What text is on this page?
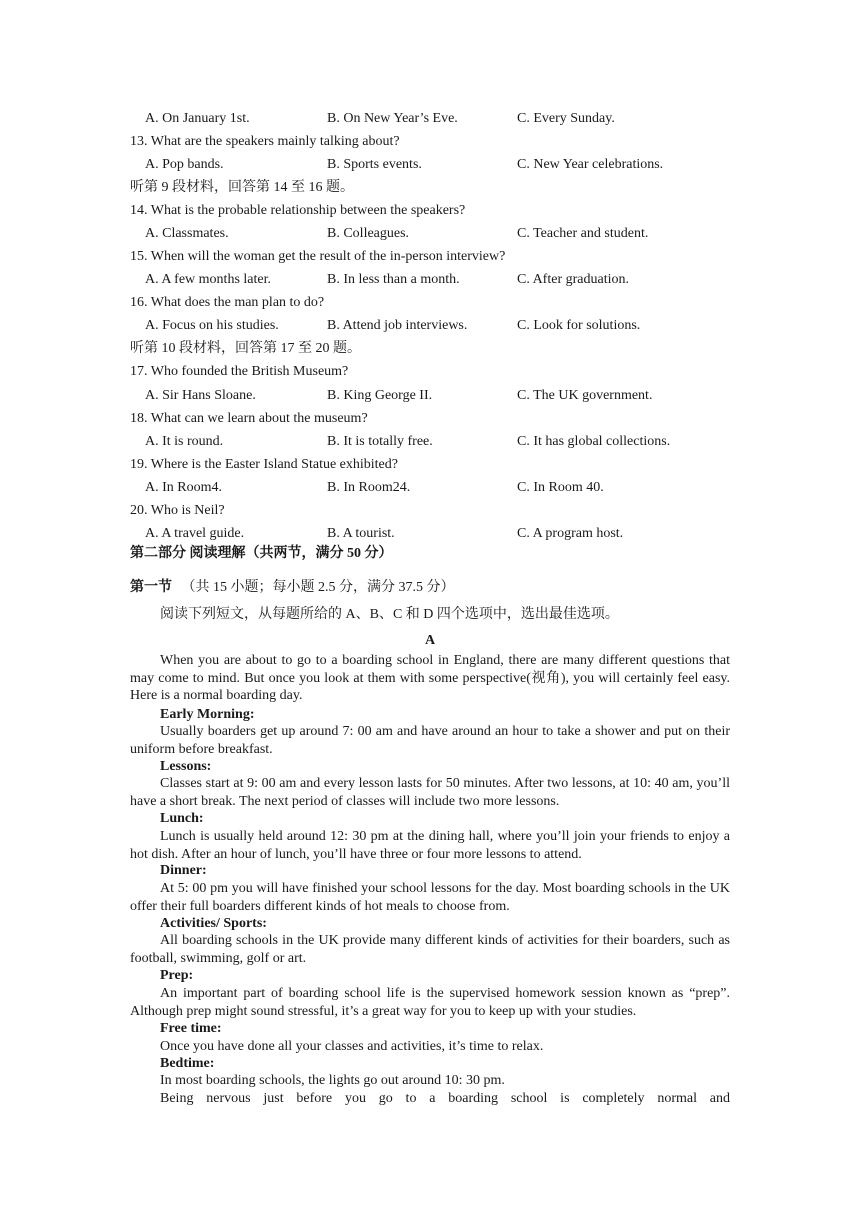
A. On January 1st.	B. On New Year’s Eve.	C. Every Sunday.
13. What are the speakers mainly talking about?
A. Pop bands.	B. Sports events.	C. New Year celebrations.
听第 9 段材料，回答第 14 至 16 题。
14. What is the probable relationship between the speakers?
A. Classmates.	B. Colleagues.	C. Teacher and student.
15. When will the woman get the result of the in-person interview?
A. A few months later.	B. In less than a month.	C. After graduation.
16. What does the man plan to do?
A. Focus on his studies.	B. Attend job interviews.	C. Look for solutions.
听第 10 段材料，回答第 17 至 20 题。
17. Who founded the British Museum?
A. Sir Hans Sloane.	B. King George II.	C. The UK government.
18. What can we learn about the museum?
A. It is round.	B. It is totally free.	C. It has global collections.
19. Where is the Easter Island Statue exhibited?
A. In Room4.	B. In Room24.	C. In Room 40.
20. Who is Neil?
A. A travel guide.	B. A tourist.	C. A program host.
第二部分 阅读理解（共两节，满分 50 分）
第一节 （共 15 小题；每小题 2.5 分，满分 37.5 分）
阅读下列短文，从每题所给的 A、B、C 和 D 四个选项中，选出最佳选项。
A
When you are about to go to a boarding school in England, there are many different questions that may come to mind. But once you look at them with some perspective(视角), you will certainly feel easy. Here is a normal boarding day.
Early Morning:
Usually boarders get up around 7: 00 am and have around an hour to take a shower and put on their uniform before breakfast.
Lessons:
Classes start at 9: 00 am and every lesson lasts for 50 minutes. After two lessons, at 10: 40 am, you’ll have a short break. The next period of classes will include two more lessons.
Lunch:
Lunch is usually held around 12: 30 pm at the dining hall, where you’ll join your friends to enjoy a hot dish. After an hour of lunch, you’ll have three or four more lessons to attend.
Dinner:
At 5: 00 pm you will have finished your school lessons for the day. Most boarding schools in the UK offer their full boarders different kinds of hot meals to choose from.
Activities/ Sports:
All boarding schools in the UK provide many different kinds of activities for their boarders, such as football, swimming, golf or art.
Prep:
An important part of boarding school life is the supervised homework session known as “prep”. Although prep might sound stressful, it’s a great way for you to keep up with your studies.
Free time:
Once you have done all your classes and activities, it’s time to relax.
Bedtime:
In most boarding schools, the lights go out around 10: 30 pm.
Being nervous just before you go to a boarding school is completely normal and
